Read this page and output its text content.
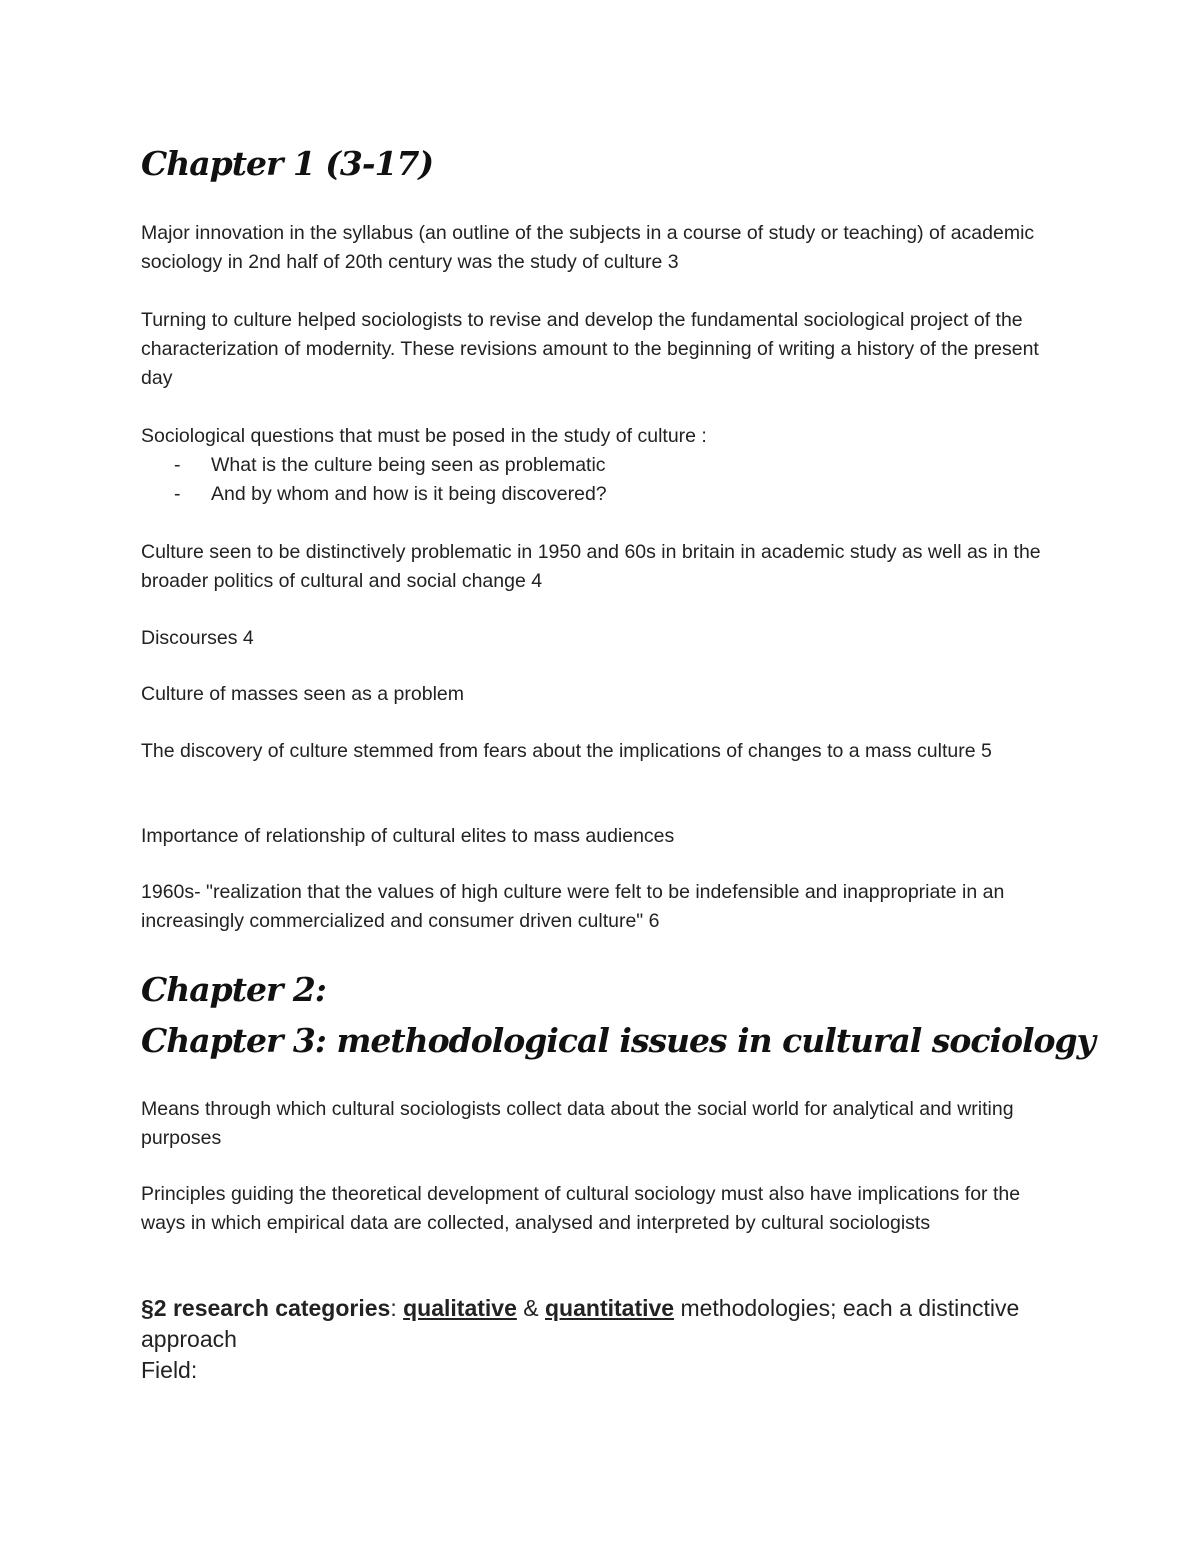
Chapter 1 (3-17)

Major innovation in the syllabus (an outline of the subjects in a course of study or teaching) of academic sociology in 2nd half of 20th century was the study of culture 3

Turning to culture helped sociologists to revise and develop the fundamental sociological project of the characterization of modernity. These revisions amount to the beginning of writing a history of the present day

Sociological questions that must be posed in the study of culture :

- What is the culture being seen as problematic
- And by whom and how is it being discovered?

Culture seen to be distinctively problematic in 1950 and 60s in britain in academic study as well as in the broader politics of cultural and social change 4

Discourses 4

Culture of masses seen as a problem

The discovery of culture stemmed from fears about the implications of changes to a mass culture 5

Importance of relationship of cultural elites to mass audiences

1960s- "realization that the values of high culture were felt to be indefensible and inappropriate in an increasingly commercialized and consumer driven culture" 6

Chapter 2:
Chapter 3: methodological issues in cultural sociology

Means through which cultural sociologists collect data about the social world for analytical and writing purposes

Principles guiding the theoretical development of cultural sociology must also have implications for the ways in which empirical data are collected, analysed and interpreted by cultural sociologists

§2 research categories: qualitative & quantitative methodologies; each a distinctive approach

Field:
